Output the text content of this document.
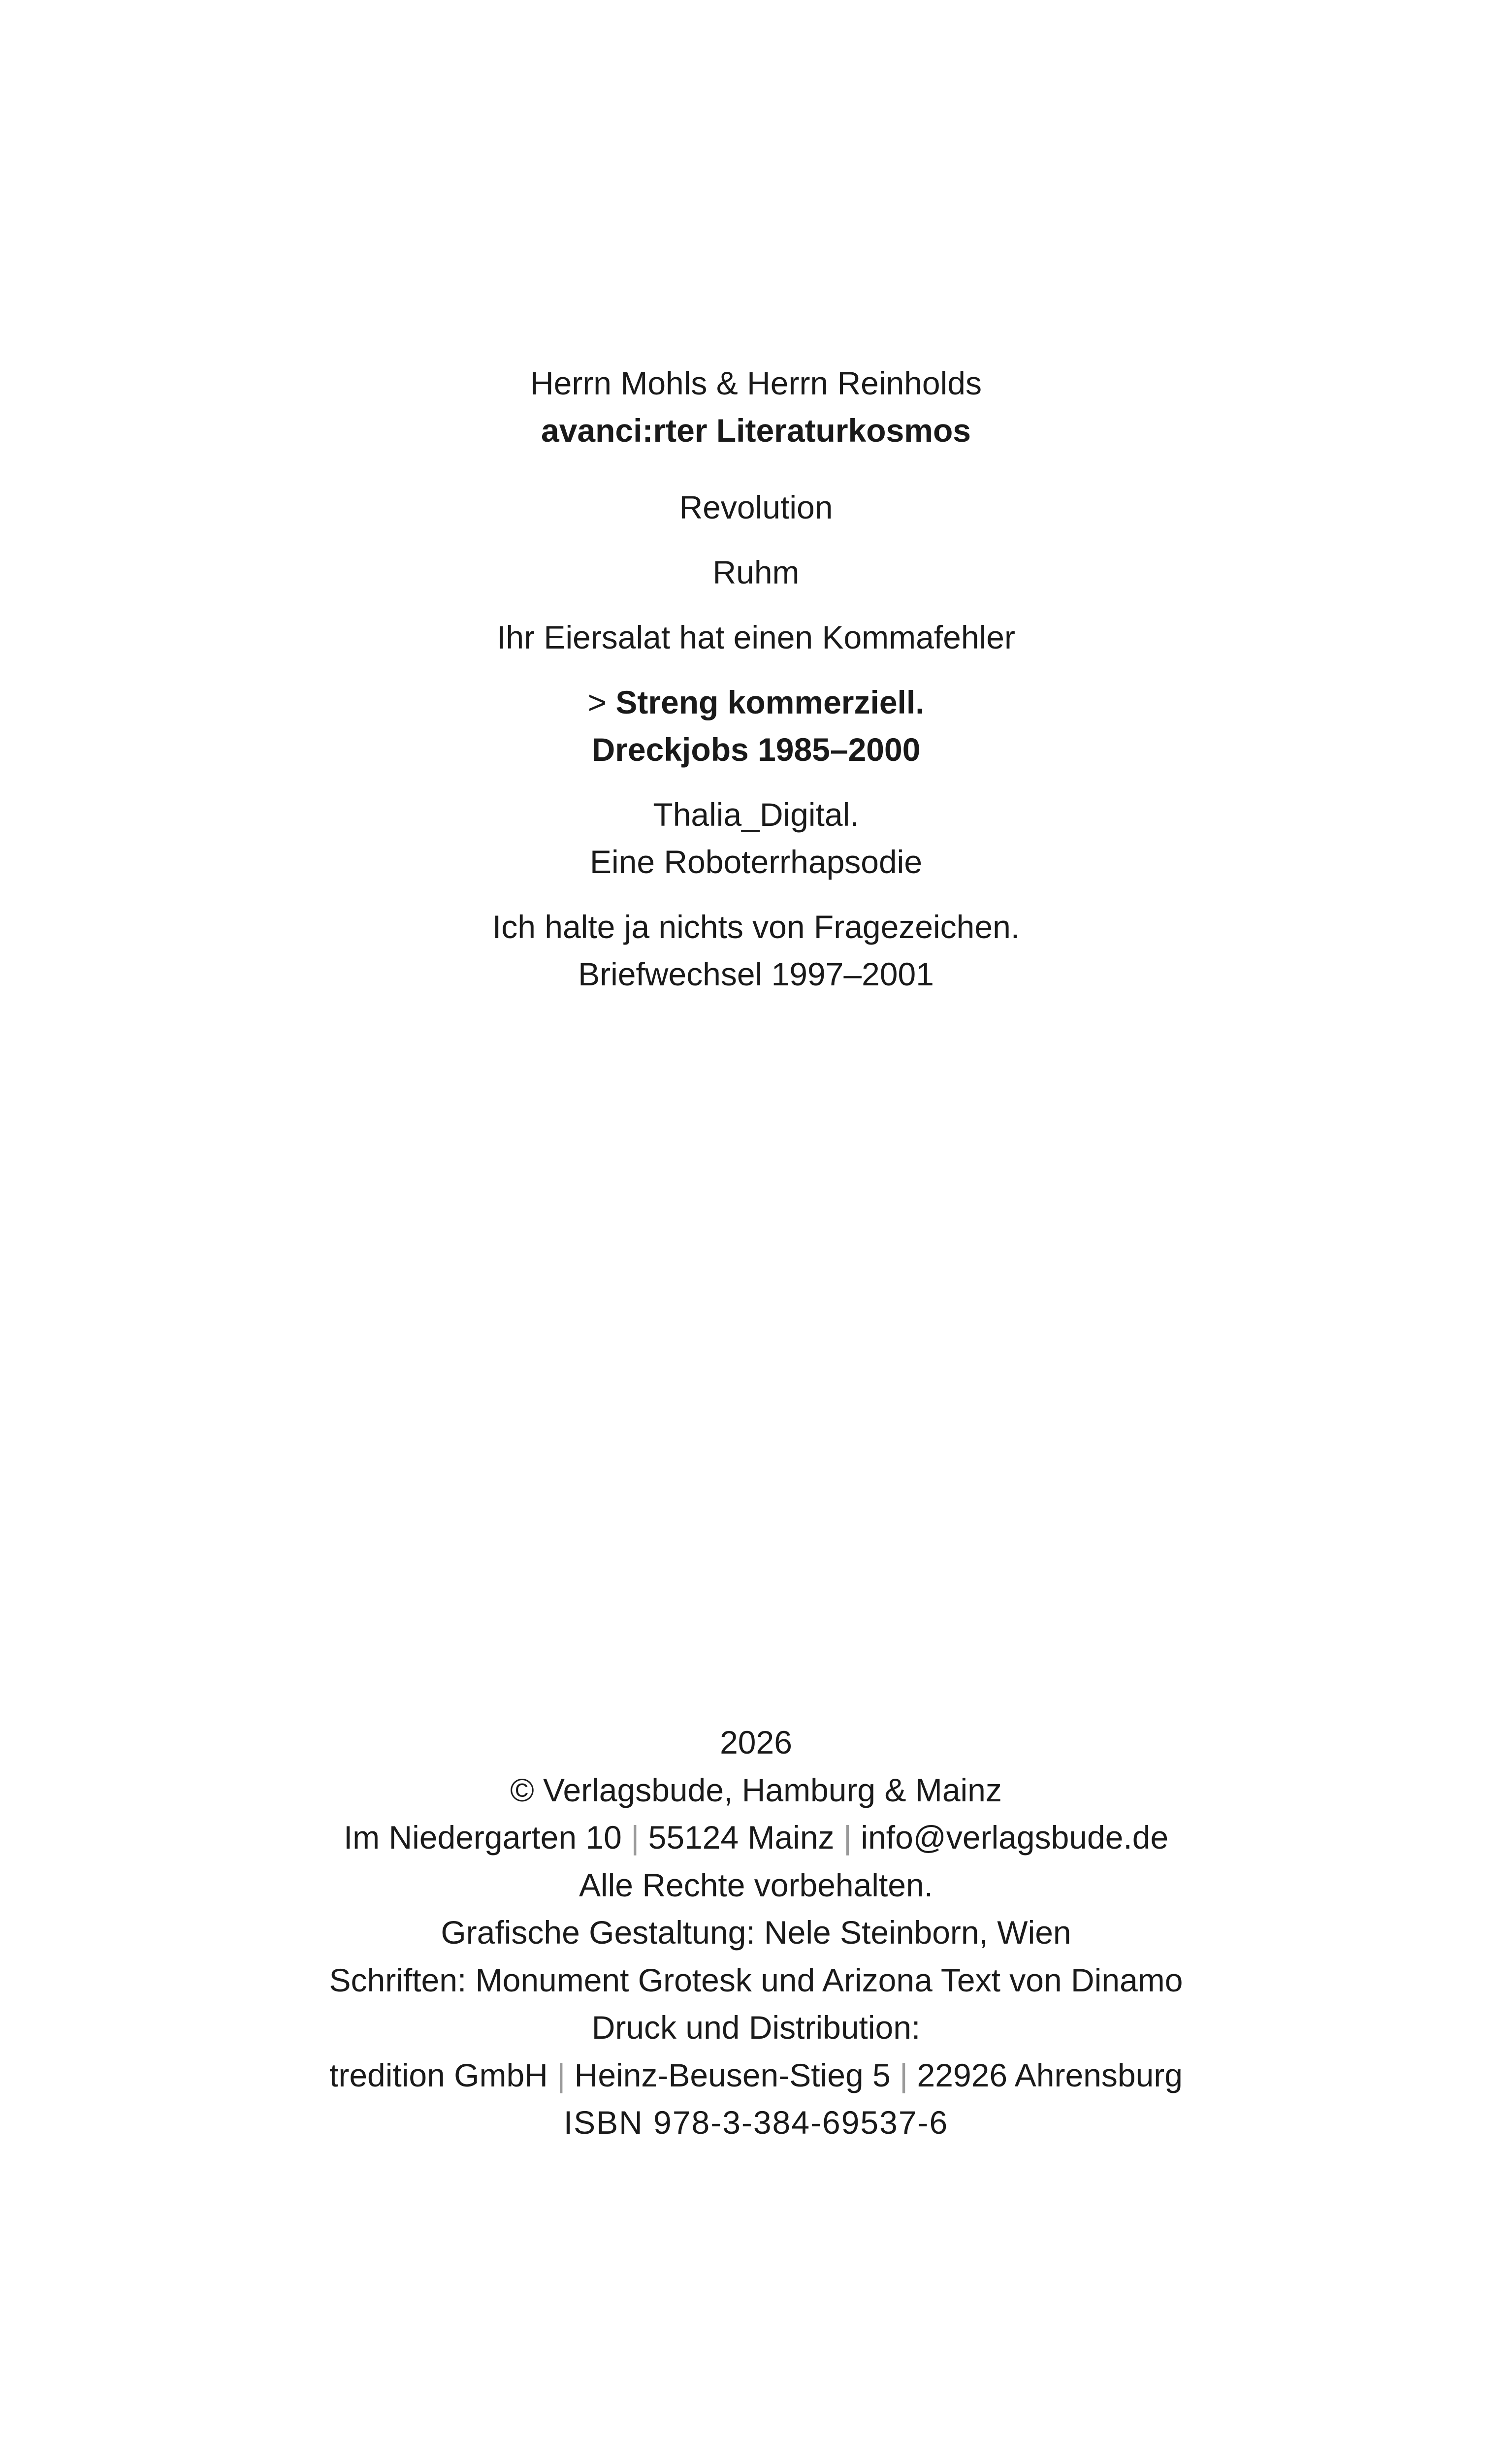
Herrn Mohls & Herrn Reinholds
avanci:rter Literaturkosmos
Revolution
Ruhm
Ihr Eiersalat hat einen Kommafehler
> Streng kommerziell.
Dreckjobs 1985–2000
Thalia_Digital.
Eine Roboterrhapsodie
Ich halte ja nichts von Fragezeichen.
Briefwechsel 1997–2001
2026
© Verlagsbude, Hamburg & Mainz
Im Niedergarten 10 | 55124 Mainz | info@verlagsbude.de
Alle Rechte vorbehalten.
Grafische Gestaltung: Nele Steinborn, Wien
Schriften: Monument Grotesk und Arizona Text von Dinamo
Druck und Distribution:
tredition GmbH | Heinz-Beusen-Stieg 5 | 22926 Ahrensburg
ISBN 978-3-384-69537-6
